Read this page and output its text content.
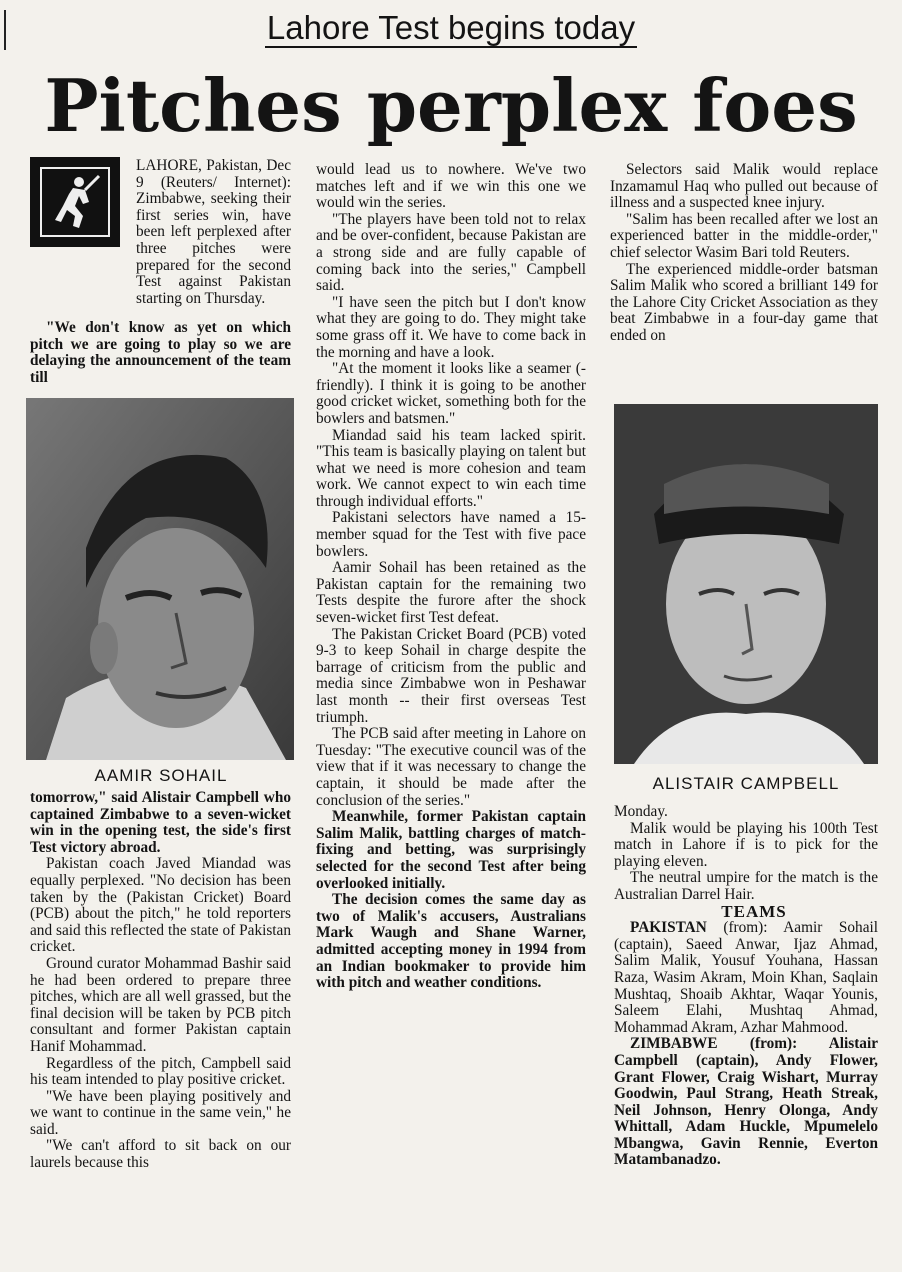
Lahore Test begins today
Pitches perplex foes

LAHORE, Pakistan, Dec 9 (Reuters/ Internet): Zimbabwe, seeking their first series win, have been left perplexed after three pitches were prepared for the second Test against Pakistan starting on Thursday.

"We don't know as yet on which pitch we are going to play so we are delaying the announcement of the team till

AAMIR SOHAIL

tomorrow," said Alistair Campbell who captained Zimbabwe to a seven-wicket win in the opening test, the side's first Test victory abroad.

Pakistan coach Javed Miandad was equally perplexed. "No decision has been taken by the (Pakistan Cricket) Board (PCB) about the pitch," he told reporters and said this reflected the state of Pakistan cricket.

Ground curator Mohammad Bashir said he had been ordered to prepare three pitches, which are all well grassed, but the final decision will be taken by PCB pitch consultant and former Pakistan captain Hanif Mohammad.

Regardless of the pitch, Campbell said his team intended to play positive cricket.

"We have been playing positively and we want to continue in the same vein," he said.

"We can't afford to sit back on our laurels because this

would lead us to nowhere. We've two matches left and if we win this one we would win the series.

"The players have been told not to relax and be over-confident, because Pakistan are a strong side and are fully capable of coming back into the series," Campbell said.

"I have seen the pitch but I don't know what they are going to do. They might take some grass off it. We have to come back in the morning and have a look.

"At the moment it looks like a seamer (-friendly). I think it is going to be another good cricket wicket, something both for the bowlers and batsmen."

Miandad said his team lacked spirit. "This team is basically playing on talent but what we need is more cohesion and team work. We cannot expect to win each time through individual efforts."

Pakistani selectors have named a 15-member squad for the Test with five pace bowlers.

Aamir Sohail has been retained as the Pakistan captain for the remaining two Tests despite the furore after the shock seven-wicket first Test defeat.

The Pakistan Cricket Board (PCB) voted 9-3 to keep Sohail in charge despite the barrage of criticism from the public and media since Zimbabwe won in Peshawar last month -- their first overseas Test triumph.

The PCB said after meeting in Lahore on Tuesday: "The executive council was of the view that if it was necessary to change the captain, it should be made after the conclusion of the series."

Meanwhile, former Pakistan captain Salim Malik, battling charges of match-fixing and betting, was surprisingly selected for the second Test after being overlooked initially.

The decision comes the same day as two of Malik's accusers, Australians Mark Waugh and Shane Warner, admitted accepting money in 1994 from an Indian bookmaker to provide him with pitch and weather conditions.

Selectors said Malik would replace Inzamamul Haq who pulled out because of illness and a suspected knee injury.

"Salim has been recalled after we lost an experienced batter in the middle-order," chief selector Wasim Bari told Reuters.

The experienced middle-order batsman Salim Malik who scored a brilliant 149 for the Lahore City Cricket Association as they beat Zimbabwe in a four-day game that ended on

ALISTAIR CAMPBELL

Monday.

Malik would be playing his 100th Test match in Lahore if is to pick for the playing eleven.

The neutral umpire for the match is the Australian Darrel Hair.

TEAMS

PAKISTAN (from): Aamir Sohail (captain), Saeed Anwar, Ijaz Ahmad, Salim Malik, Yousuf Youhana, Hassan Raza, Wasim Akram, Moin Khan, Saqlain Mushtaq, Shoaib Akhtar, Waqar Younis, Saleem Elahi, Mushtaq Ahmad, Mohammad Akram, Azhar Mahmood.

ZIMBABWE (from): Alistair Campbell (captain), Andy Flower, Grant Flower, Craig Wishart, Murray Goodwin, Paul Strang, Heath Streak, Neil Johnson, Henry Olonga, Andy Whittall, Adam Huckle, Mpumelelo Mbangwa, Gavin Rennie, Everton Matambanadzo.
